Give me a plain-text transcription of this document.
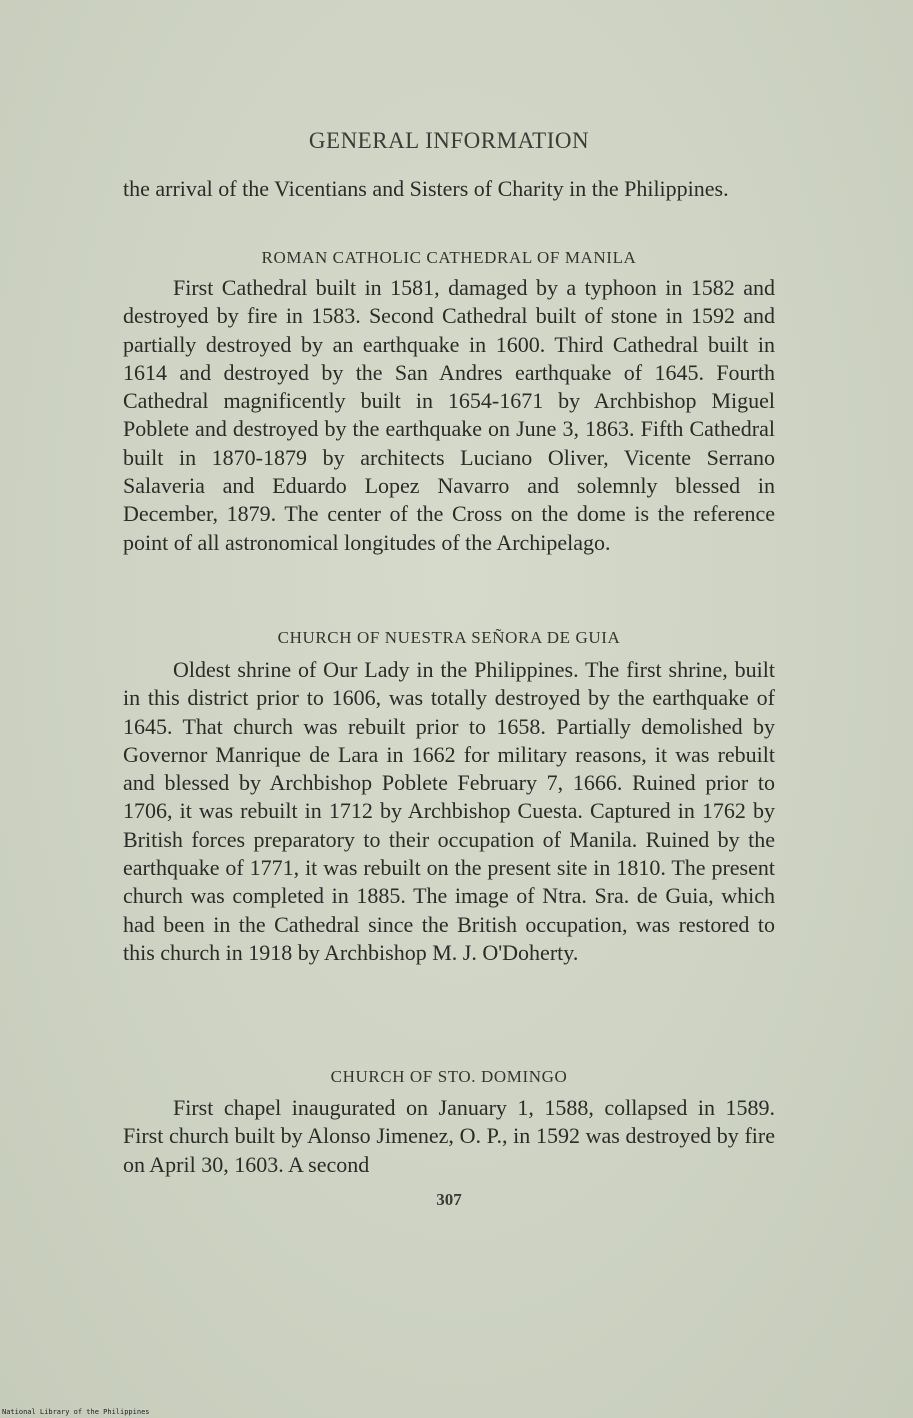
GENERAL INFORMATION

the arrival of the Vicentians and Sisters of Charity in the Philippines.

ROMAN CATHOLIC CATHEDRAL OF MANILA

First Cathedral built in 1581, damaged by a typhoon in 1582 and destroyed by fire in 1583. Second Cathedral built of stone in 1592 and partially destroyed by an earthquake in 1600. Third Cathedral built in 1614 and destroyed by the San Andres earthquake of 1645. Fourth Cathedral magnificently built in 1654-1671 by Archbishop Miguel Poblete and destroyed by the earthquake on June 3, 1863. Fifth Cathedral built in 1870-1879 by architects Luciano Oliver, Vicente Serrano Salaveria and Eduardo Lopez Navarro and solemnly blessed in December, 1879. The center of the Cross on the dome is the reference point of all astronomical longitudes of the Archipelago.

CHURCH OF NUESTRA SEÑORA DE GUIA

Oldest shrine of Our Lady in the Philippines. The first shrine, built in this district prior to 1606, was totally destroyed by the earthquake of 1645. That church was rebuilt prior to 1658. Partially demolished by Governor Manrique de Lara in 1662 for military reasons, it was rebuilt and blessed by Archbishop Poblete February 7, 1666. Ruined prior to 1706, it was rebuilt in 1712 by Archbishop Cuesta. Captured in 1762 by British forces preparatory to their occupation of Manila. Ruined by the earthquake of 1771, it was rebuilt on the present site in 1810. The present church was completed in 1885. The image of Ntra. Sra. de Guia, which had been in the Cathedral since the British occupation, was restored to this church in 1918 by Archbishop M. J. O'Doherty.

CHURCH OF STO. DOMINGO

First chapel inaugurated on January 1, 1588, collapsed in 1589. First church built by Alonso Jimenez, O. P., in 1592 was destroyed by fire on April 30, 1603. A second

307

National Library of the Philippines
